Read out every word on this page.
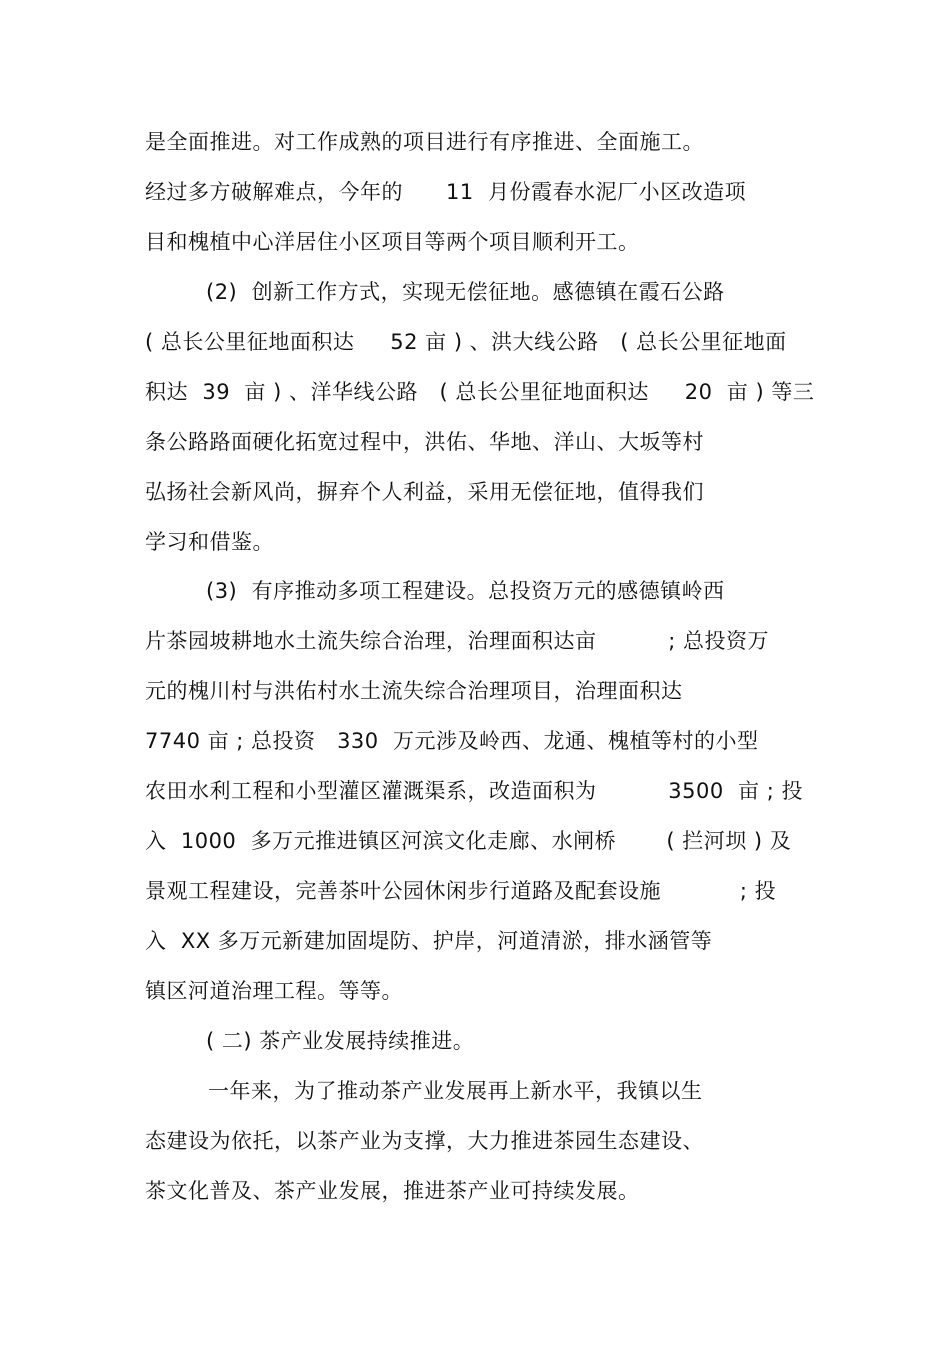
是全面推进。对工作成熟的项目进行有序推进、全面施工。
经过多方破解难点，今年的      11  月份霞春水泥厂小区改造项
目和槐植中心洋居住小区项目等两个项目顺利开工。
(2)  创新工作方式，实现无偿征地。感德镇在霞石公路
( 总长公里征地面积达     52 亩 ) 、洪大线公路   ( 总长公里征地面
积达  39  亩 ) 、洋华线公路   ( 总长公里征地面积达     20  亩 ) 等三
条公路路面硬化拓宽过程中，洪佑、华地、洋山、大坂等村
弘扬社会新风尚，摒弃个人利益，采用无偿征地，值得我们
学习和借鉴。
(3)  有序推动多项工程建设。总投资万元的感德镇岭西
片茶园坡耕地水土流失综合治理，治理面积达亩          ; 总投资万
元的槐川村与洪佑村水土流失综合治理项目，治理面积达
7740 亩 ; 总投资   330  万元涉及岭西、龙通、槐植等村的小型
农田水利工程和小型灌区灌溉渠系，改造面积为          3500  亩 ; 投
入  1000  多万元推进镇区河滨文化走廊、水闸桥       ( 拦河坝 ) 及
景观工程建设，完善茶叶公园休闲步行道路及配套设施           ; 投
入  XX 多万元新建加固堤防、护岸，河道清淤，排水涵管等
镇区河道治理工程。等等。
( 二) 茶产业发展持续推进。
一年来，为了推动茶产业发展再上新水平，我镇以生
态建设为依托，以茶产业为支撑，大力推进茶园生态建设、
茶文化普及、茶产业发展，推进茶产业可持续发展。
